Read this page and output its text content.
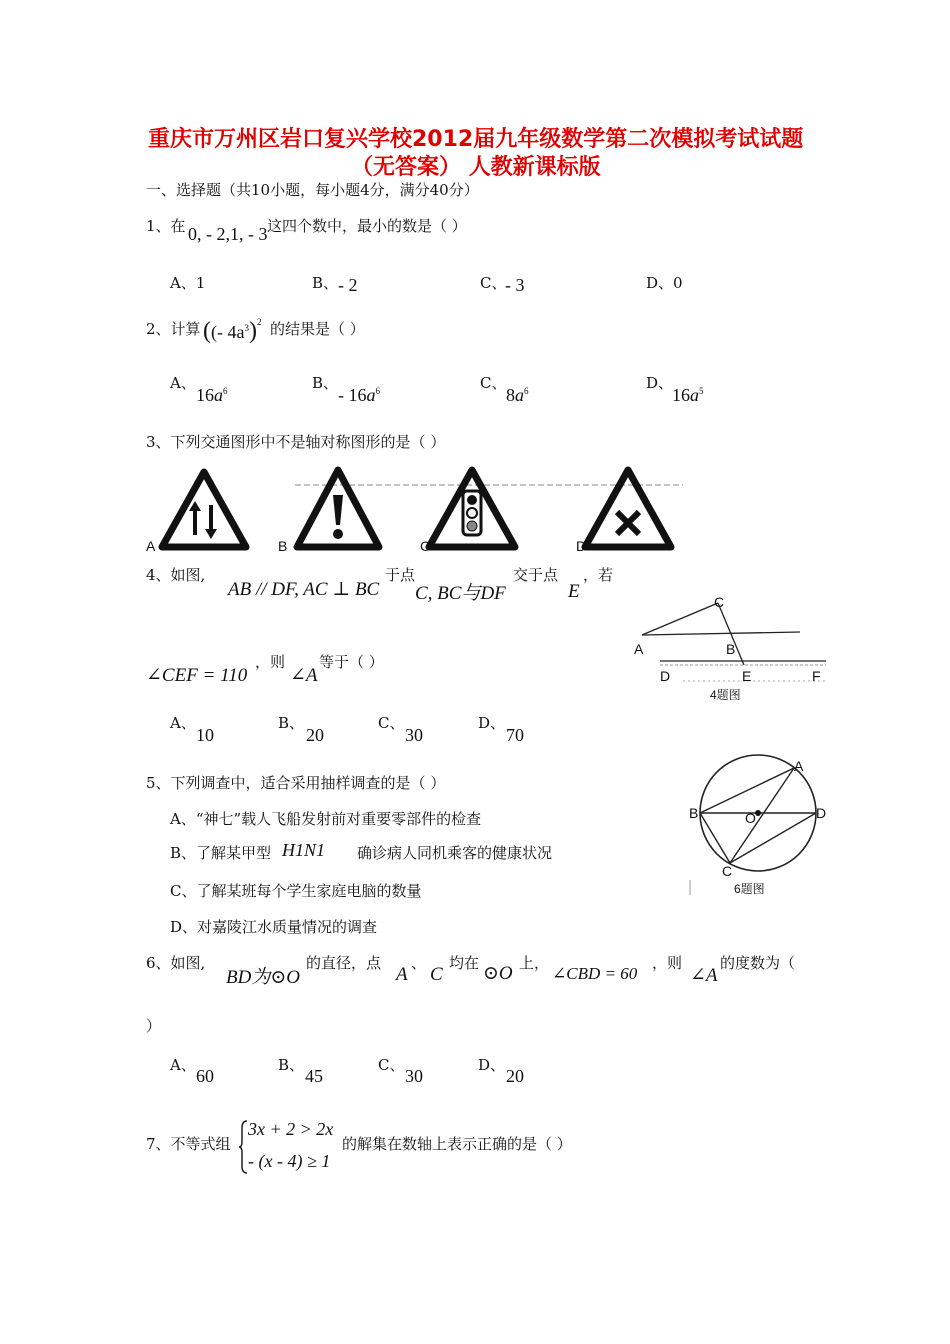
重庆市万州区岩口复兴学校2012届九年级数学第二次模拟考试试题
（无答案） 人教新课标版
一、选择题（共10小题，每小题4分，满分40分）
1、在 0, - 2,1, - 3 这四个数中，最小的数是（ ）
A、1	B、 - 2	C、
- 3	D、0
2、计算 ((- $4a^3)^2$ 的结果是（ ）
A、
$16a^6$	B、
- $16a^6$	C、
$8a^6$	D、
$16a^5$
3、下列交通图形中不是轴对称图形的是（ ）
A	B	C	D
4、如图,
AB // DF, AC ⊥ BC
于点
C, BC与DF
交于点
E
，若
∠CEF = 110
，则
∠A
等于（ ）
A、
10
B、
20
C、
30
D、
70
C
A	B
D	E	F
4题图
5、下列调查中，适合采用抽样调查的是（ ）
A、“神七”载人飞船发射前对重要零部件的检查
B、了解某甲型 H1N1 确诊病人同机乘客的健康状况
C、了解某班每个学生家庭电脑的数量
D、对嘉陵江水质量情况的调查
A
B	O	D
C
6题图
6、如图,
BD为⊙O
的直径，点
A
、
C
均在 ⊙O 上，
∠CBD = 60
，则
∠A
的度数为（
）
A、
60
B、
45
C、
30
D、
20
7、不等式组
3x + 2 > 2x
- (x - 4) ≥ 1
的解集在数轴上表示正确的是（ ）
